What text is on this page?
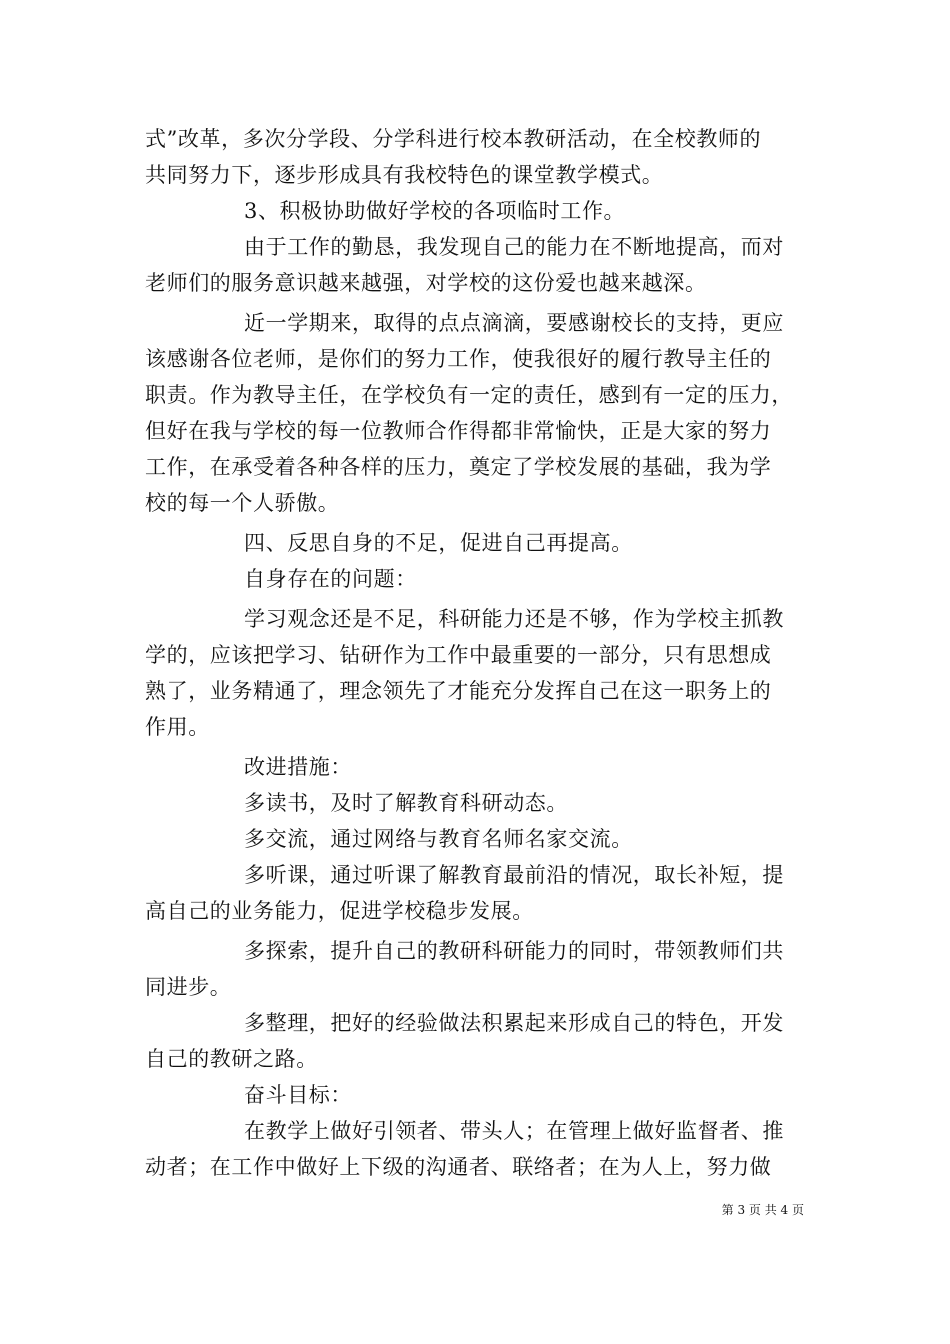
式”改革，多次分学段、分学科进行校本教研活动，在全校教师的
共同努力下，逐步形成具有我校特色的课堂教学模式。
3、积极协助做好学校的各项临时工作。
由于工作的勤恳，我发现自己的能力在不断地提高，而对
老师们的服务意识越来越强，对学校的这份爱也越来越深。
近一学期来，取得的点点滴滴，要感谢校长的支持，更应
该感谢各位老师，是你们的努力工作，使我很好的履行教导主任的
职责。作为教导主任，在学校负有一定的责任，感到有一定的压力，
但好在我与学校的每一位教师合作得都非常愉快，正是大家的努力
工作，在承受着各种各样的压力，奠定了学校发展的基础，我为学
校的每一个人骄傲。
四、反思自身的不足，促进自己再提高。
自身存在的问题：
学习观念还是不足，科研能力还是不够，作为学校主抓教
学的，应该把学习、钻研作为工作中最重要的一部分，只有思想成
熟了，业务精通了，理念领先了才能充分发挥自己在这一职务上的
作用。
改进措施：
多读书，及时了解教育科研动态。
多交流，通过网络与教育名师名家交流。
多听课，通过听课了解教育最前沿的情况，取长补短，提
高自己的业务能力，促进学校稳步发展。
多探索，提升自己的教研科研能力的同时，带领教师们共
同进步。
多整理，把好的经验做法积累起来形成自己的特色，开发
自己的教研之路。
奋斗目标：
在教学上做好引领者、带头人；在管理上做好监督者、推
动者；在工作中做好上下级的沟通者、联络者；在为人上，努力做
第 3 页 共 4 页
